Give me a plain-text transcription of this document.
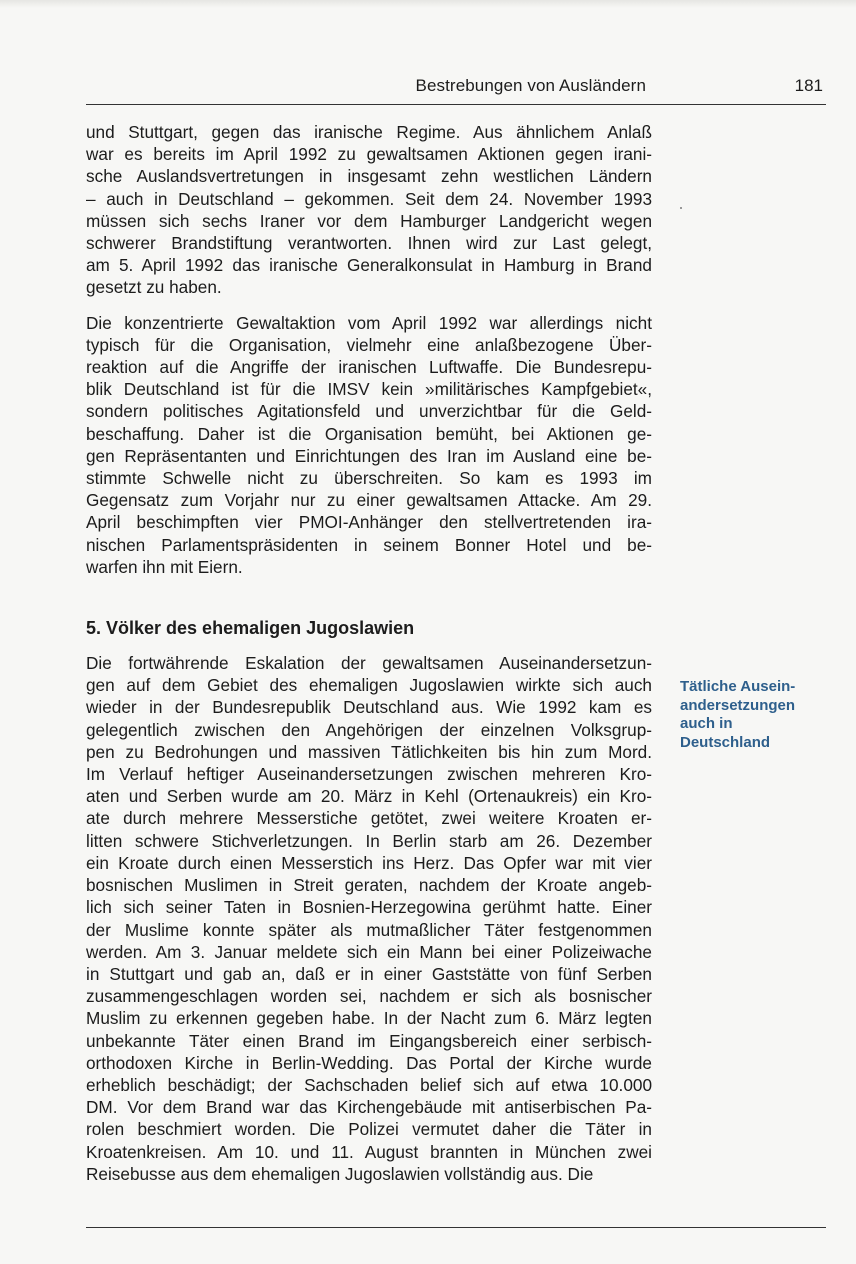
Bestrebungen von Ausländern	181

und Stuttgart, gegen das iranische Regime. Aus ähnlichem Anlaß
war es bereits im April 1992 zu gewaltsamen Aktionen gegen irani-
sche Auslandsvertretungen in insgesamt zehn westlichen Ländern
– auch in Deutschland – gekommen. Seit dem 24. November 1993
müssen sich sechs Iraner vor dem Hamburger Landgericht wegen
schwerer Brandstiftung verantworten. Ihnen wird zur Last gelegt,
am 5. April 1992 das iranische Generalkonsulat in Hamburg in Brand
gesetzt zu haben.

Die konzentrierte Gewaltaktion vom April 1992 war allerdings nicht
typisch für die Organisation, vielmehr eine anlaßbezogene Über-
reaktion auf die Angriffe der iranischen Luftwaffe. Die Bundesrepu-
blik Deutschland ist für die IMSV kein »militärisches Kampfgebiet«,
sondern politisches Agitationsfeld und unverzichtbar für die Geld-
beschaffung. Daher ist die Organisation bemüht, bei Aktionen ge-
gen Repräsentanten und Einrichtungen des Iran im Ausland eine be-
stimmte Schwelle nicht zu überschreiten. So kam es 1993 im
Gegensatz zum Vorjahr nur zu einer gewaltsamen Attacke. Am 29.
April beschimpften vier PMOI-Anhänger den stellvertretenden ira-
nischen Parlamentspräsidenten in seinem Bonner Hotel und be-
warfen ihn mit Eiern.

5. Völker des ehemaligen Jugoslawien

Die fortwährende Eskalation der gewaltsamen Auseinandersetzun-
gen auf dem Gebiet des ehemaligen Jugoslawien wirkte sich auch
wieder in der Bundesrepublik Deutschland aus. Wie 1992 kam es
gelegentlich zwischen den Angehörigen der einzelnen Volksgrup-
pen zu Bedrohungen und massiven Tätlichkeiten bis hin zum Mord.
Im Verlauf heftiger Auseinandersetzungen zwischen mehreren Kro-
aten und Serben wurde am 20. März in Kehl (Ortenaukreis) ein Kro-
ate durch mehrere Messerstiche getötet, zwei weitere Kroaten er-
litten schwere Stichverletzungen. In Berlin starb am 26. Dezember
ein Kroate durch einen Messerstich ins Herz. Das Opfer war mit vier
bosnischen Muslimen in Streit geraten, nachdem der Kroate angeb-
lich sich seiner Taten in Bosnien-Herzegowina gerühmt hatte. Einer
der Muslime konnte später als mutmaßlicher Täter festgenommen
werden. Am 3. Januar meldete sich ein Mann bei einer Polizeiwache
in Stuttgart und gab an, daß er in einer Gaststätte von fünf Serben
zusammengeschlagen worden sei, nachdem er sich als bosnischer
Muslim zu erkennen gegeben habe. In der Nacht zum 6. März legten
unbekannte Täter einen Brand im Eingangsbereich einer serbisch-
orthodoxen Kirche in Berlin-Wedding. Das Portal der Kirche wurde
erheblich beschädigt; der Sachschaden belief sich auf etwa 10.000
DM. Vor dem Brand war das Kirchengebäude mit antiserbischen Pa-
rolen beschmiert worden. Die Polizei vermutet daher die Täter in
Kroatenkreisen. Am 10. und 11. August brannten in München zwei
Reisebusse aus dem ehemaligen Jugoslawien vollständig aus. Die

Tätliche Ausein-
andersetzungen
auch in
Deutschland
